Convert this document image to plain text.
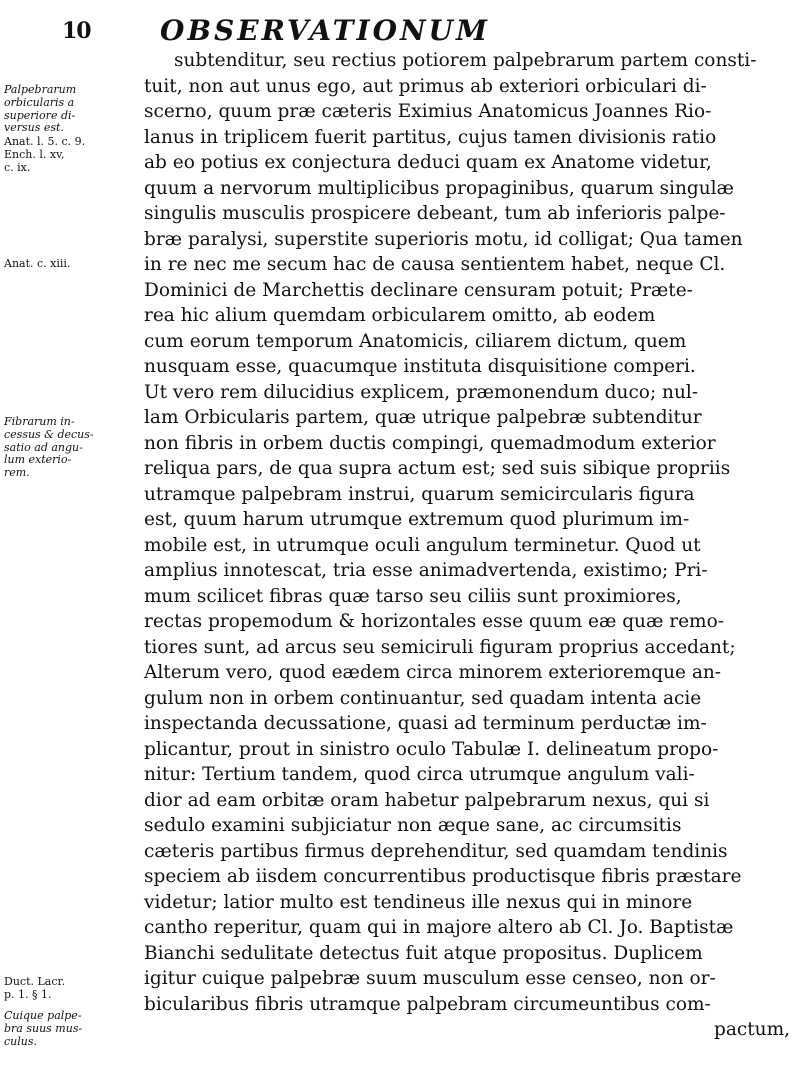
10 OBSERVATIONUM
Palpebrarum
orbicularis a
superiore di-
versus est.
Anat. l. 5. c. 9.
Ench. l. xv,
c. ix.
Anat. c. xiii.
Fibrarum in-
cessus & decus-
satio ad angu-
lum exterio-
rem.
Duct. Lacr.
p. 1. § 1.
Cuique palpe-
bra suus mus-
culus.
subtenditur, seu rectius potiorem palpebrarum partem consti-
tuit, non aut unus ego, aut primus ab exteriori orbiculari di-
scerno, quum præ cæteris Eximius Anatomicus Joannes Rio-
lanus in triplicem fuerit partitus, cujus tamen divisionis ratio
ab eo potius ex conjectura deduci quam ex Anatome videtur,
quum a nervorum multiplicibus propaginibus, quarum singulæ
singulis musculis prospicere debeant, tum ab inferioris palpe-
bræ paralysi, superstite superioris motu, id colligat; Qua tamen
in re nec me secum hac de causa sentientem habet, neque Cl.
Dominici de Marchettis declinare censuram potuit; Præte-
rea hic alium quemdam orbicularem omitto, ab eodem
cum eorum temporum Anatomicis, ciliarem dictum, quem
nusquam esse, quacumque instituta disquisitione comperi.
Ut vero rem dilucidius explicem, præmonendum duco; nul-
lam Orbicularis partem, quæ utrique palpebræ subtenditur
non fibris in orbem ductis compingi, quemadmodum exterior
reliqua pars, de qua supra actum est; sed suis sibique propriis
utramque palpebram instrui, quarum semicircularis figura
est, quum harum utrumque extremum quod plurimum im-
mobile est, in utrumque oculi angulum terminetur. Quod ut
amplius innotescat, tria esse animadvertenda, existimo; Pri-
mum scilicet fibras quæ tarso seu ciliis sunt proximiores,
rectas propemodum & horizontales esse quum eæ quæ remo-
tiores sunt, ad arcus seu semiciruli figuram proprius accedant;
Alterum vero, quod eædem circa minorem exterioremque an-
gulum non in orbem continuantur, sed quadam intenta acie
inspectanda decussatione, quasi ad terminum perductæ im-
plicantur, prout in sinistro oculo Tabulæ I. delineatum propo-
nitur: Tertium tandem, quod circa utrumque angulum vali-
dior ad eam orbitæ oram habetur palpebrarum nexus, qui si
sedulo examini subjiciatur non æque sane, ac circumsitis
cæteris partibus firmus deprehenditur, sed quamdam tendinis
speciem ab iisdem concurrentibus productisque fibris præstare
videtur; latior multo est tendineus ille nexus qui in minore
cantho reperitur, quam qui in majore altero ab Cl. Jo. Baptistæ
Bianchi sedulitate detectus fuit atque propositus. Duplicem
igitur cuique palpebræ suum musculum esse censeo, non or-
bicularibus fibris utramque palpebram circumeuntibus com-
pactum,
